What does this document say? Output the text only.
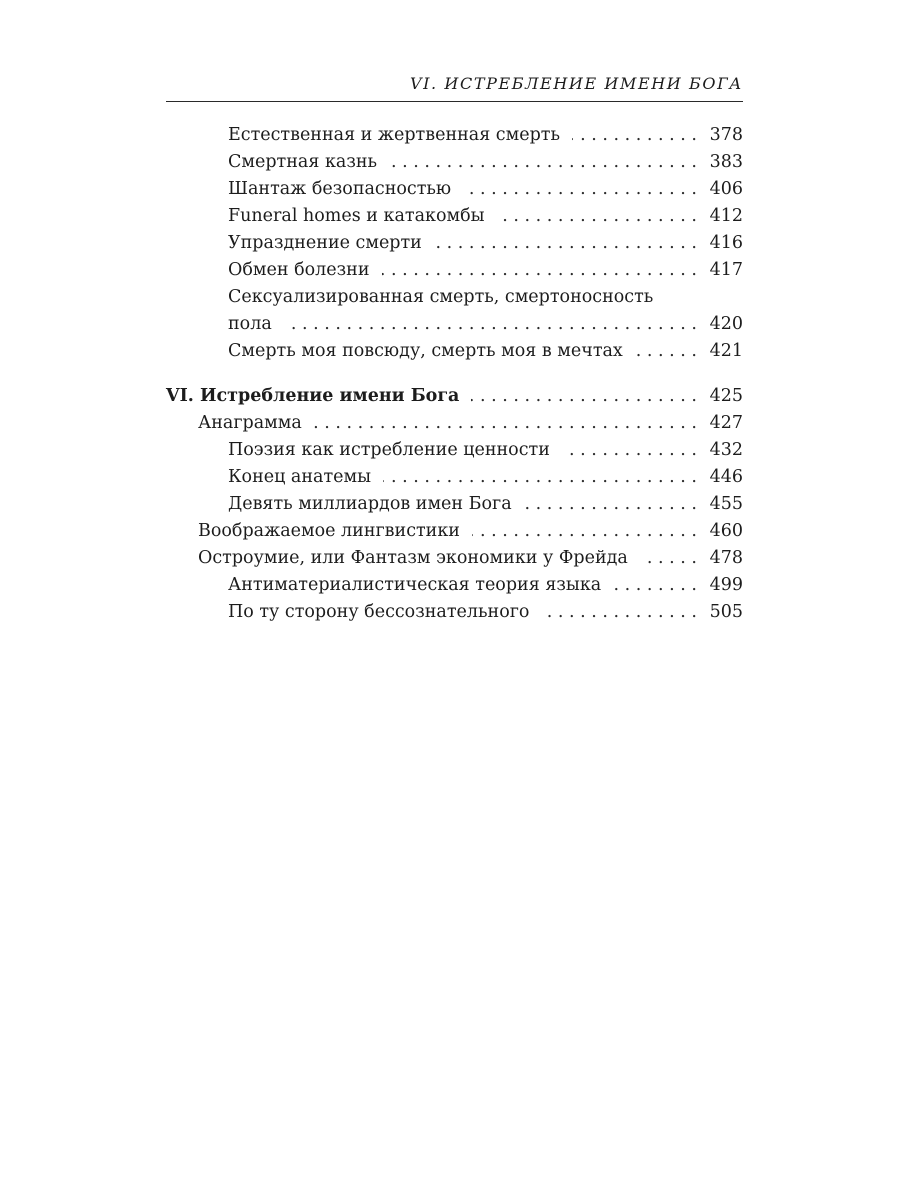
VI. ИСТРЕБЛЕНИЕ ИМЕНИ БОГА
Естественная и жертвенная смерть . . .	378
Смертная казнь . . .	383
Шантаж безопасностью . . .	406
Funeral homes и катакомбы . . .	412
Упразднение смерти . . .	416
Обмен болезни . . .	417
Сексуализированная смерть, смертоносность
пола . . .	420
Смерть моя повсюду, смерть моя в мечтах . . .	421
VI. Истребление имени Бога . . .	425
Анаграмма . . .	427
Поэзия как истребление ценности . . .	432
Конец анатемы . . .	446
Девять миллиардов имен Бога . . .	455
Воображаемое лингвистики . . .	460
Остроумие, или Фантазм экономики у Фрейда . . .	478
Антиматериалистическая теория языка . . .	499
По ту сторону бессознательного . . .	505
